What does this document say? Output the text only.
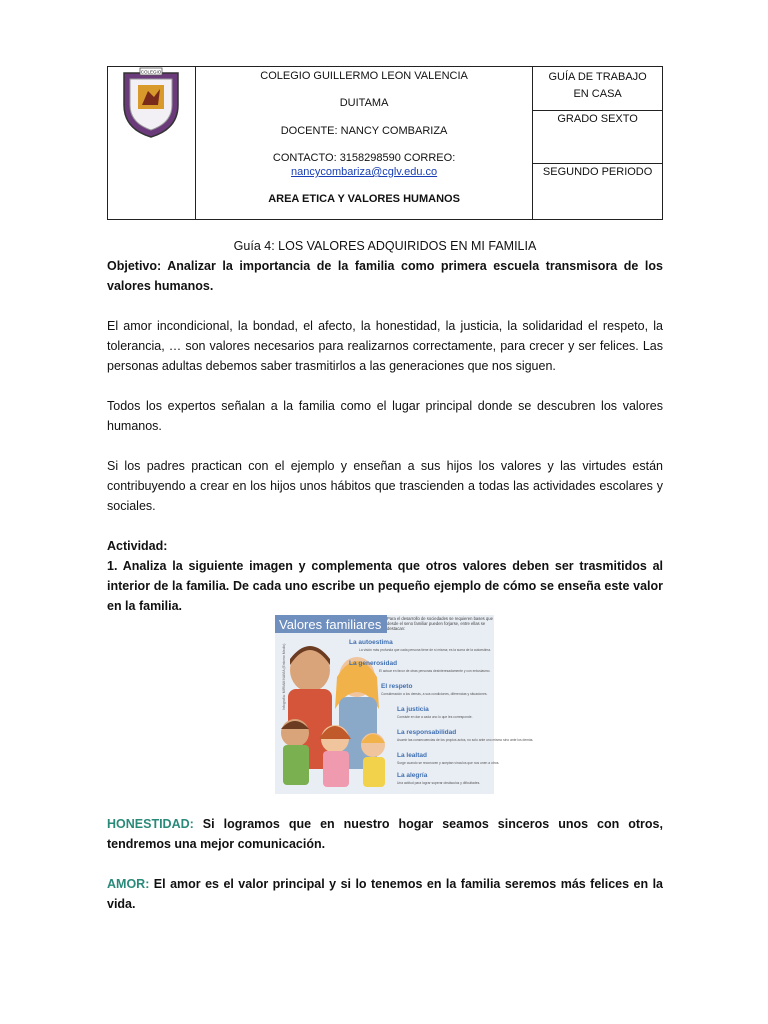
COLEGIO	COLEGIO GUILLERMO LEON VALENCIA

DUITAMA

DOCENTE: NANCY COMBARIZA

CONTACTO: 3158298590 CORREO:

nancycombariza@cglv.edu.co

AREA ETICA Y VALORES HUMANOS

GUÍA DE TRABAJO EN CASA

GRADO SEXTO

SEGUNDO PERIODO

Guía 4: LOS VALORES ADQUIRIDOS EN MI FAMILIA

Objetivo: Analizar la importancia de la familia como primera escuela transmisora de los valores humanos.

El amor incondicional, la bondad, el afecto, la honestidad, la justicia, la solidaridad el respeto, la tolerancia, … son valores necesarios para realizarnos correctamente, para crecer y ser felices. Las personas adultas debemos saber trasmitirlos a las generaciones que nos siguen.

Todos los expertos señalan a la familia como el lugar principal donde se descubren los valores humanos.

Si los padres practican con el ejemplo y enseñan a sus hijos los valores y las virtudes están contribuyendo a crear en los hijos unos hábitos que trascienden a todas las actividades escolares y sociales.

Actividad:

1. Analiza la siguiente imagen y complementa que otros valores deben ser trasmitidos al interior de la familia. De cada uno escribe un pequeño ejemplo de cómo se enseña este valor en la familia.

HONESTIDAD: Si logramos que en nuestro hogar seamos sinceros unos con otros, tendremos una mejor comunicación.

AMOR: El amor es el valor principal y si lo tenemos en la familia seremos más felices en la vida.

Valores familiares Para el desarrollo de sociedades se requieren bases que desde el seno familiar pueden forjarse, entre ellas se destacan:
La autoestima
La generosidad
El respeto
La justicia
La responsabilidad
La lealtad
La alegría
La visión más profunda que cada persona tiene de sí misma; es la suma de la autoestima.
El actuar en favor de otras personas desinteresadamente y con entusiasmo.
Consideración a los demás, a sus condiciones, diferencias y situaciones.
Consiste en dar a cada uno lo que les corresponde.
Asumir las consecuencias de los propios actos, no solo ante uno mismo sino ante los demás.
Surge cuando se reconocen y aceptan vínculos que nos unen a otros.
Una actitud para lograr superar obstáculos y dificultades.
Infografía: MIRIAM NAVIA (Entorno Medio)
